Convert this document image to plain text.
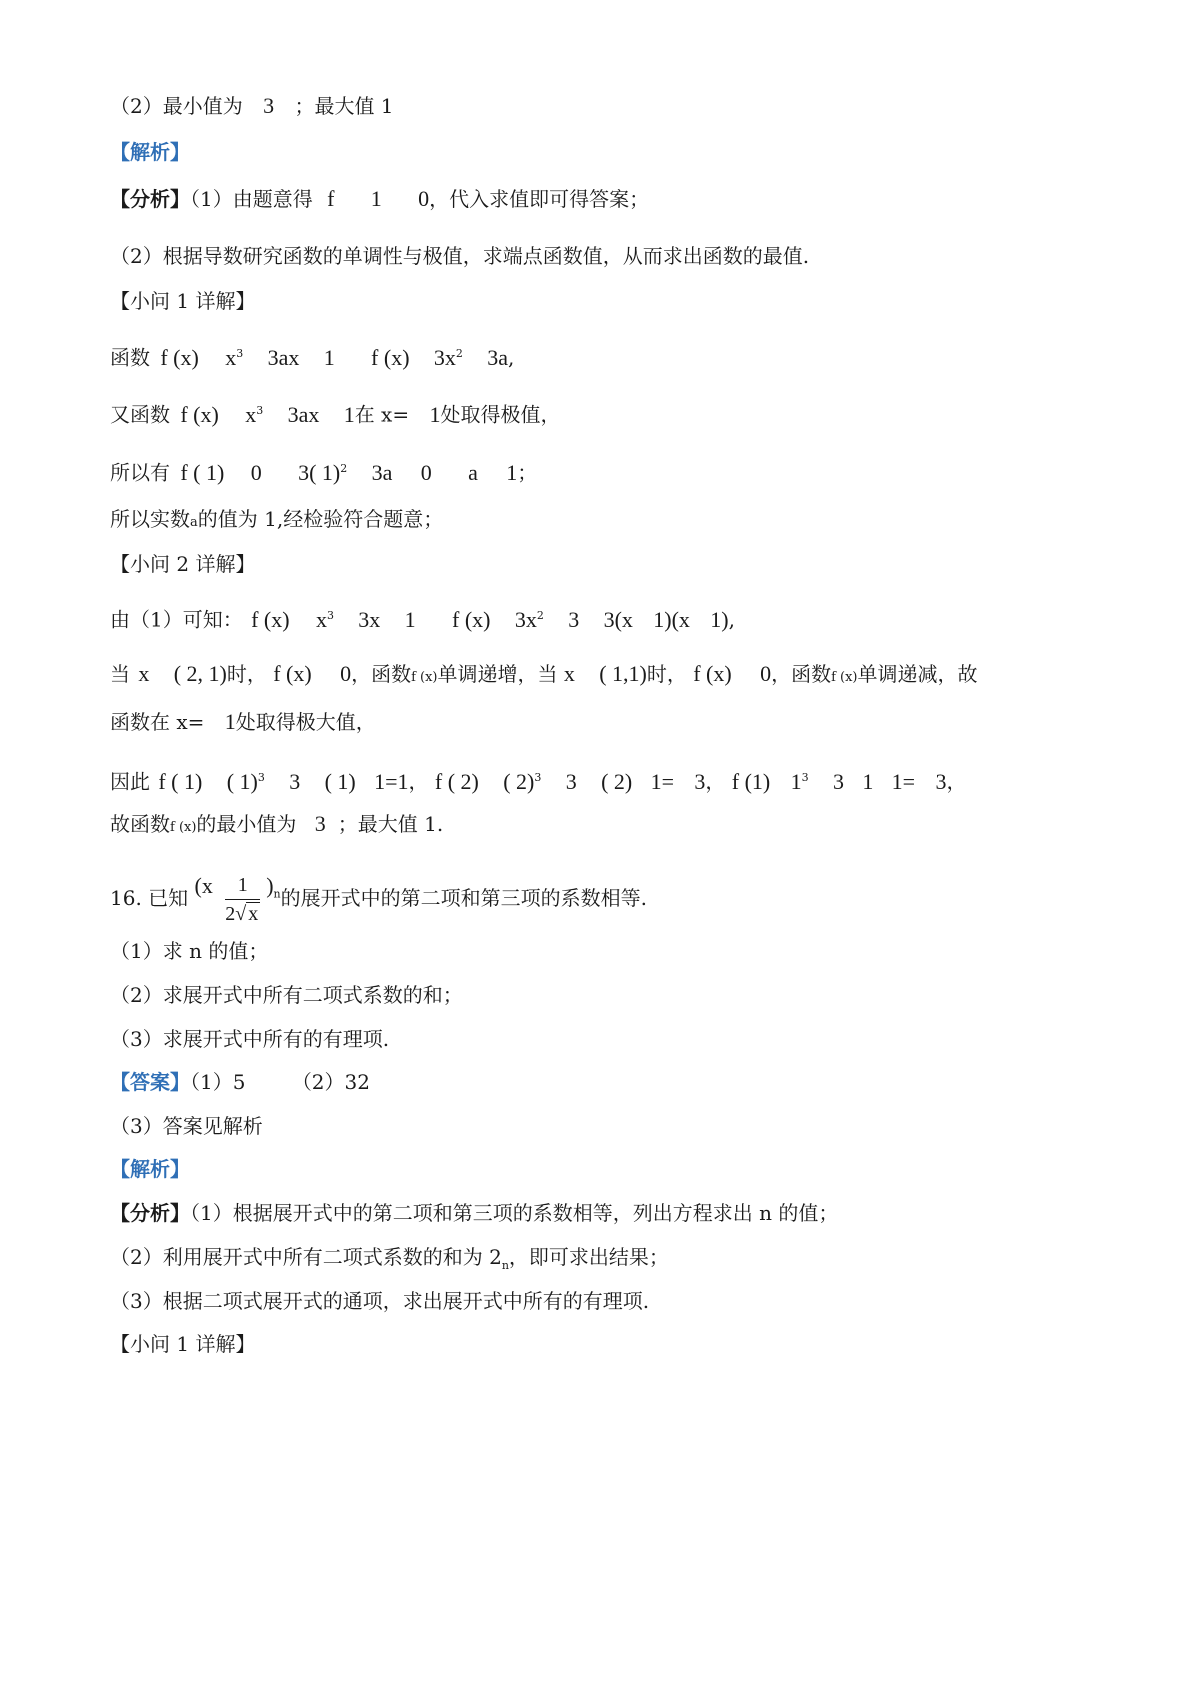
（2）最小值为 3 ；最大值 1
【解析】
【分析】（1）由题意得 f 1 0，代入求值即可得答案；
（2）根据导数研究函数的单调性与极值，求端点函数值，从而求出函数的最值.
【小问 1 详解】
函数 f (x) $x^3$ 3ax 1 f (x) $3x^2$ 3a,
又函数 f (x) $x^3$ 3ax 1在 x= 1处取得极值，
所以有 f ( 1) 0 3( 1)$^2$ 3a 0 a 1；
所以实数a的值为 1,经检验符合题意；
【小问 2 详解】
由（1）可知： f (x) $x^3$ 3x 1 f (x) $3x^2$ 3 3(x 1)(x 1),
当 x ( 2, 1)时， f (x) 0，函数f (x)单调递增，当 x ( 1,1)时， f (x) 0，函数f (x)单调递减，故
函数在 x= 1处取得极大值，
因此 f ( 1) ( 1)$^3$ 3 ( 1) 1=1， f ( 2) ( 2)$^3$ 3 ( 2) 1= 3， f (1) $1^3$ 3 1 1= 3，
故函数f (x)的最小值为 3 ；最大值 1.
16. 已知 $(x \frac{1}{2√ x} )^n$的展开式中的第二项和第三项的系数相等.
（1）求 n 的值；
（2）求展开式中所有二项式系数的和；
（3）求展开式中所有的有理项.
【答案】（1）5 （2）32
（3）答案见解析
【解析】
【分析】（1）根据展开式中的第二项和第三项的系数相等，列出方程求出 n 的值；
（2）利用展开式中所有二项式系数的和为 $2_n$，即可求出结果；
（3）根据二项式展开式的通项，求出展开式中所有的有理项.
【小问 1 详解】
